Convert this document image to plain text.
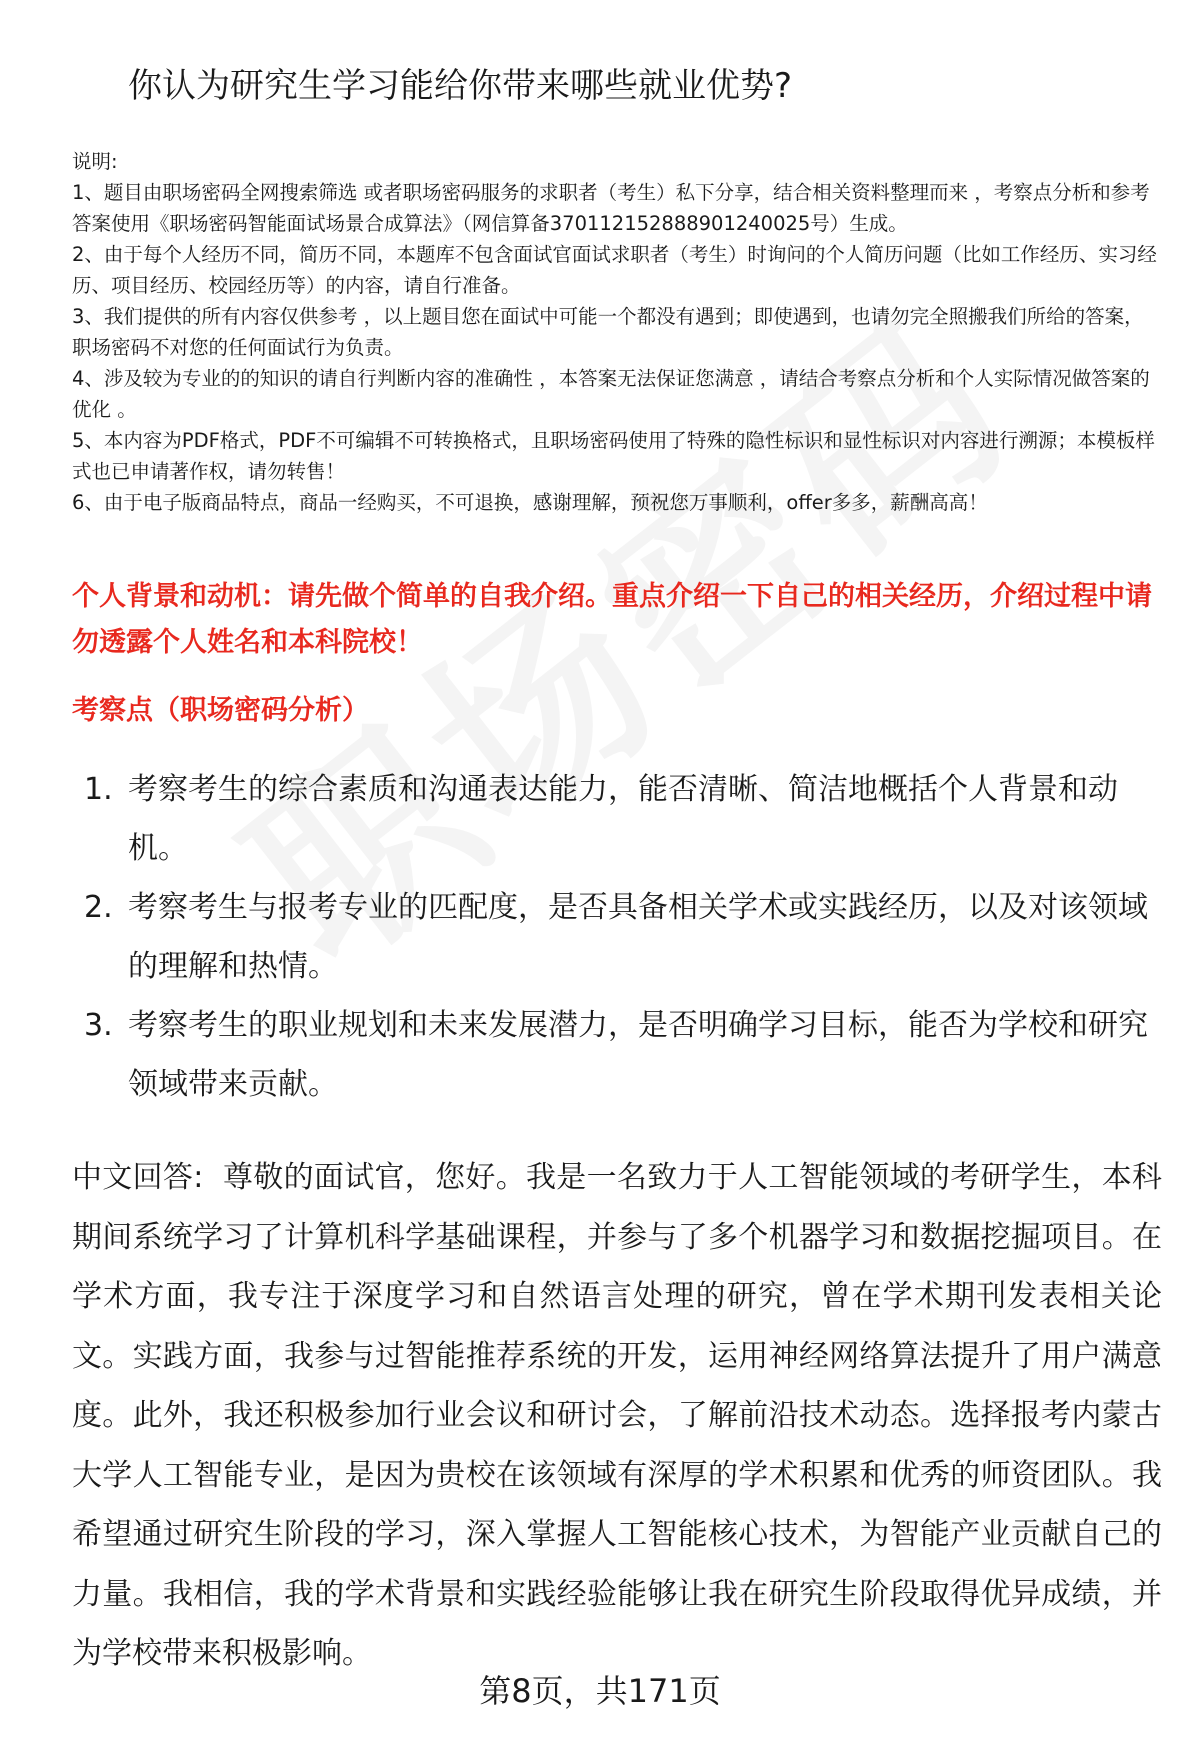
你认为研究生学习能给你带来哪些就业优势?

说明:

1、题目由职场密码全网搜索筛选 或者职场密码服务的求职者（考生）私下分享，结合相关资料整理而来 ，考察点分析和参考答案使用《职场密码智能面试场景合成算法》（网信算备370112152888901240025号）生成。

2、由于每个人经历不同，简历不同，本题库不包含面试官面试求职者（考生）时询问的个人简历问题（比如工作经历、实习经历、项目经历、校园经历等）的内容，请自行准备。

3、我们提供的所有内容仅供参考 ，以上题目您在面试中可能一个都没有遇到；即使遇到，也请勿完全照搬我们所给的答案，职场密码不对您的任何面试行为负责。

4、涉及较为专业的的知识的请自行判断内容的准确性 ，本答案无法保证您满意 ，请结合考察点分析和个人实际情况做答案的优化 。

5、本内容为PDF格式，PDF不可编辑不可转换格式，且职场密码使用了特殊的隐性标识和显性标识对内容进行溯源；本模板样式也已申请著作权，请勿转售！

6、由于电子版商品特点，商品一经购买，不可退换，感谢理解，预祝您万事顺利，offer多多，薪酬高高！

个人背景和动机：请先做个简单的自我介绍。重点介绍一下自己的相关经历，介绍过程中请勿透露个人姓名和本科院校！
考察点（职场密码分析）
1. 考察考生的综合素质和沟通表达能力，能否清晰、简洁地概括个人背景和动机。
2. 考察考生与报考专业的匹配度，是否具备相关学术或实践经历，以及对该领域的理解和热情。
3. 考察考生的职业规划和未来发展潜力，是否明确学习目标，能否为学校和研究领域带来贡献。

中文回答: 尊敬的面试官，您好。我是一名致力于人工智能领域的考研学生，本科期间系统学习了计算机科学基础课程，并参与了多个机器学习和数据挖掘项目。在学术方面，我专注于深度学习和自然语言处理的研究，曾在学术期刊发表相关论文。实践方面，我参与过智能推荐系统的开发，运用神经网络算法提升了用户满意度。此外，我还积极参加行业会议和研讨会，了解前沿技术动态。选择报考内蒙古大学人工智能专业，是因为贵校在该领域有深厚的学术积累和优秀的师资团队。我希望通过研究生阶段的学习，深入掌握人工智能核心技术，为智能产业贡献自己的力量。我相信，我的学术背景和实践经验能够让我在研究生阶段取得优异成绩，并为学校带来积极影响。

第8页，共171页
